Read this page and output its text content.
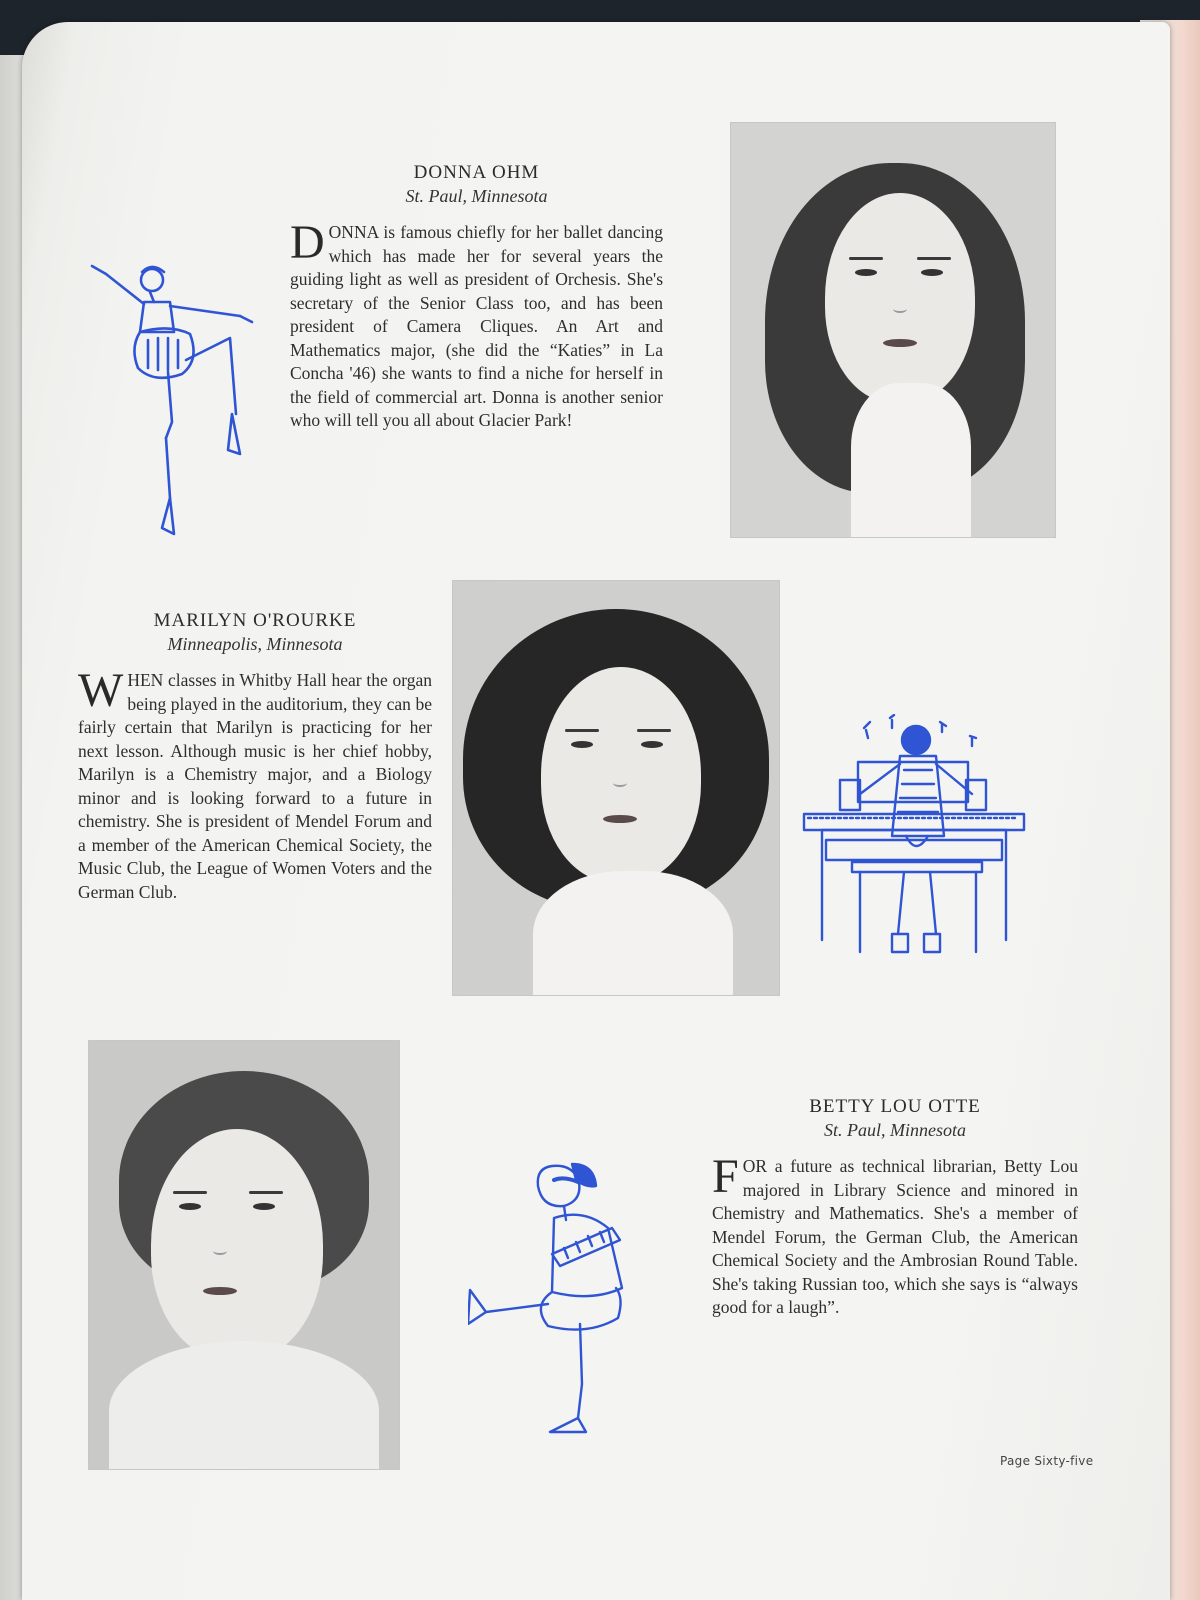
DONNA OHM
St. Paul, Minnesota
D ONNA is famous chiefly for her ballet dancing which has made her for several years the guiding light as well as president of Orchesis. She's secretary of the Senior Class too, and has been president of Camera Cliques. An Art and Mathematics major, (she did the “Katies” in La Concha '46) she wants to find a niche for herself in the field of commercial art. Donna is another senior who will tell you all about Glacier Park!
MARILYN O'ROURKE
Minneapolis, Minnesota
W HEN classes in Whitby Hall hear the organ being played in the auditorium, they can be fairly certain that Marilyn is practicing for her next lesson. Although music is her chief hobby, Marilyn is a Chemistry major, and a Biology minor and is looking forward to a future in chemistry. She is president of Mendel Forum and a member of the American Chemical Society, the Music Club, the League of Women Voters and the German Club.
BETTY LOU OTTE
St. Paul, Minnesota
F OR a future as technical librarian, Betty Lou majored in Library Science and minored in Chemistry and Mathematics. She's a member of Mendel Forum, the German Club, the American Chemical Society and the Ambrosian Round Table. She's taking Russian too, which she says is “always good for a laugh”.
Page Sixty-five
